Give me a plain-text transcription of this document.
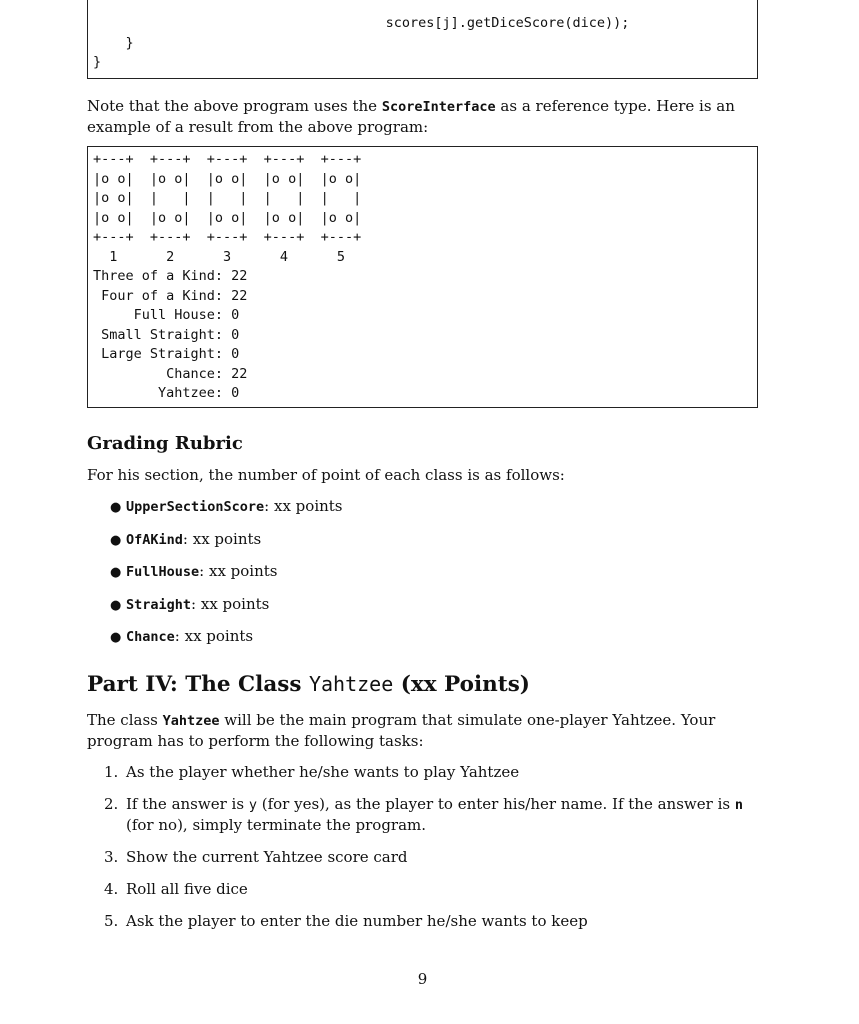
scores[j].getDiceScore(dice));
}
}

Note that the above program uses the ScoreInterface as a reference type. Here is an example of a result from the above program:

+---+  +---+  +---+  +---+  +---+
|o o|  |o o|  |o o|  |o o|  |o o|
|o o|  |   |  |   |  |   |  |   |
|o o|  |o o|  |o o|  |o o|  |o o|
+---+  +---+  +---+  +---+  +---+
1      2      3      4      5
Three of a Kind: 22
Four of a Kind: 22
Full House: 0
Small Straight: 0
Large Straight: 0
Chance: 22
Yahtzee: 0
Grading Rubric

For his section, the number of point of each class is as follows:

● UpperSectionScore: xx points
● OfAKind: xx points
● FullHouse: xx points
● Straight: xx points
● Chance: xx points
Part IV: The Class Yahtzee (xx Points)

The class Yahtzee will be the main program that simulate one-player Yahtzee. Your program has to perform the following tasks:

1. As the player whether he/she wants to play Yahtzee
2. If the answer is y (for yes), as the player to enter his/her name. If the answer is n (for no), simply terminate the program.
3. Show the current Yahtzee score card
4. Roll all five dice
5. Ask the player to enter the die number he/she wants to keep
9
